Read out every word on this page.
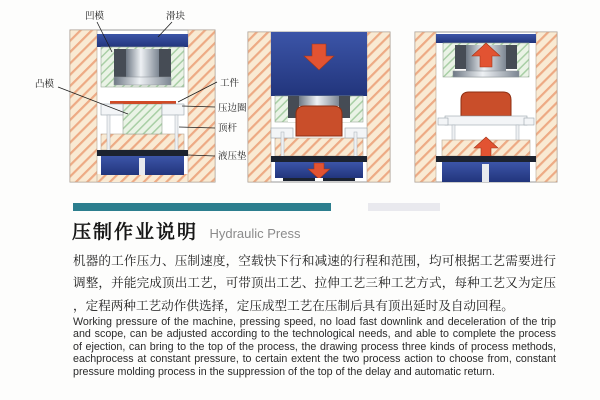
凹模	滑块
凸模	工件
压边圈
顶杆
液压垫
压制作业说明 Hydraulic Press
机器的工作压力、压制速度，空载快下行和减速的行程和范围，均可根据工艺需要进行
调整，并能完成顶出工艺，可带顶出工艺、拉伸工艺三种工艺方式，每种工艺又为定压
，定程两种工艺动作供选择，定压成型工艺在压制后具有顶出延时及自动回程。
Working pressure of the machine, pressing speed, no load fast downlink and deceleration of the trip
and scope, can be adjusted according to the technological needs, and able to complete the process
of ejection, can bring to the top of the process, the drawing process three kinds of process methods,
eachprocess at constant pressure, to certain extent the two process action to choose from, constant
pressure molding process in the suppression of the top of the delay and automatic return.
